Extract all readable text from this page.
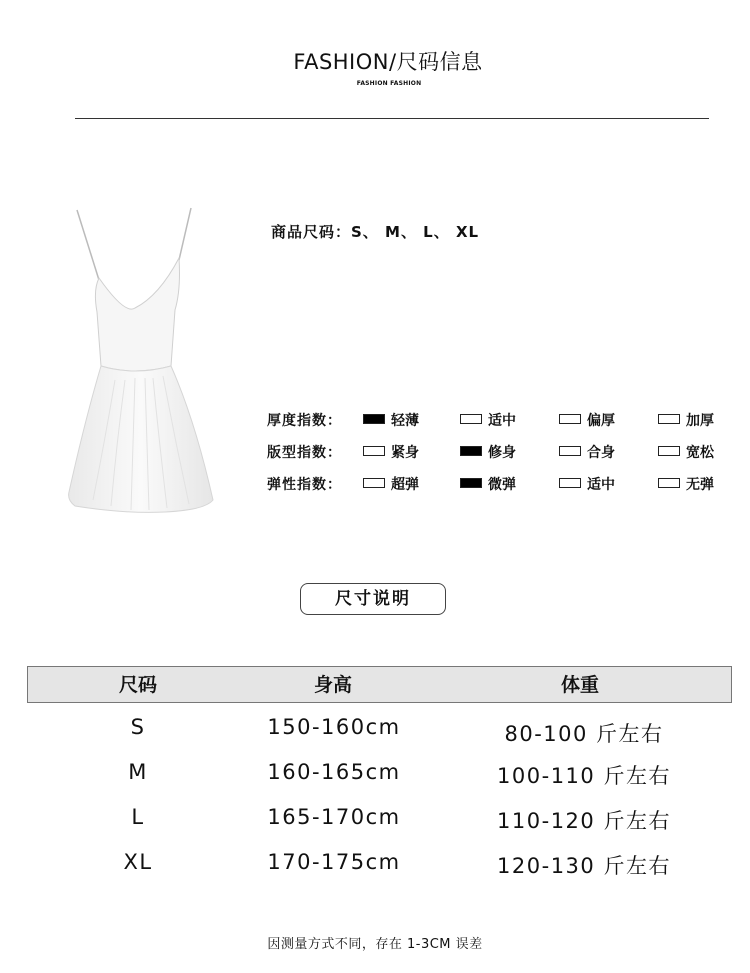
FASHION/尺码信息
FASHION FASHION
商品尺码：S、 M、 L、 XL
厚度指数：	轻薄	适中	偏厚	加厚
版型指数：	紧身	修身	合身	宽松
弹性指数：	超弹	微弹	适中	无弹
尺寸说明
尺码	身高	体重
S	150-160cm	80-100 斤左右
M	160-165cm	100-110 斤左右
L	165-170cm	110-120 斤左右
XL	170-175cm	120-130 斤左右
因测量方式不同，存在 1-3CM 误差
